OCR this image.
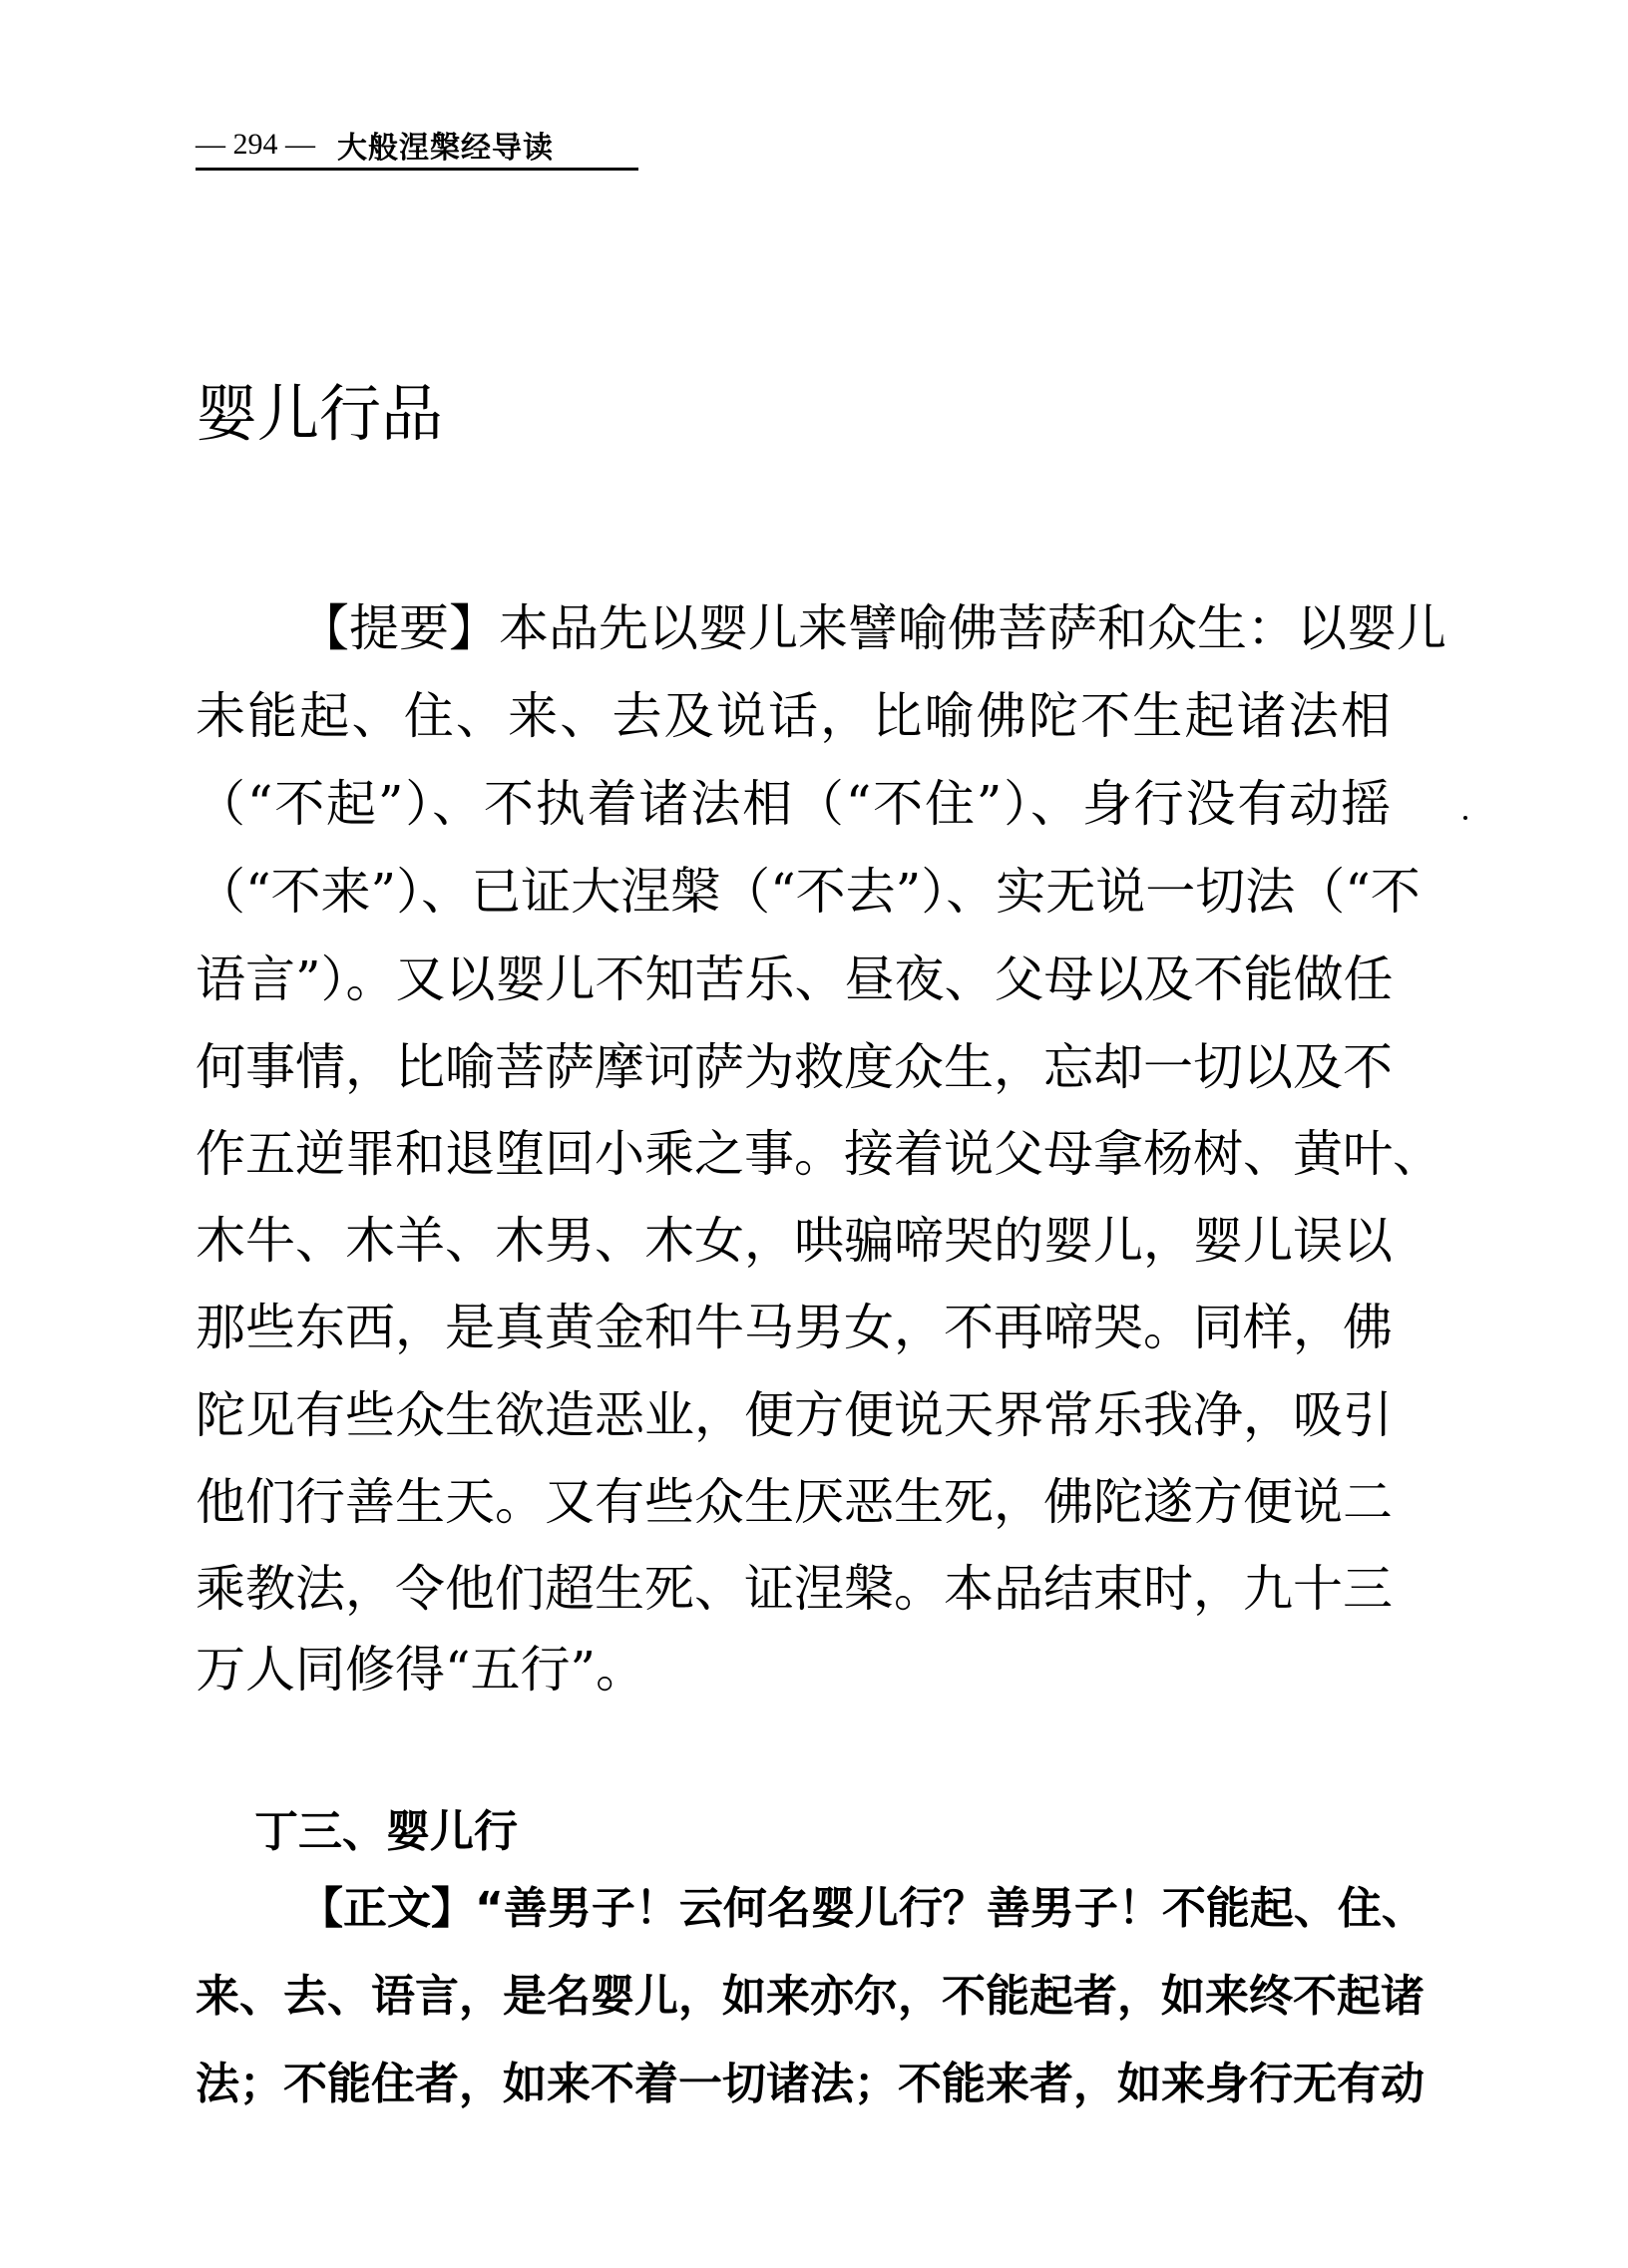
— 294 — 大般涅槃经导读
婴儿行品
【提要】本品先以婴儿来譬喻佛菩萨和众生：以婴儿
未能起、住、来、去及说话，比喻佛陀不生起诸法相
（“不起”）、不执着诸法相（“不住”）、身行没有动摇
（“不来”）、已证大涅槃（“不去”）、实无说一切法（“不
语言”）。又以婴儿不知苦乐、昼夜、父母以及不能做任
何事情，比喻菩萨摩诃萨为救度众生，忘却一切以及不
作五逆罪和退堕回小乘之事。接着说父母拿杨树、黄叶、
木牛、木羊、木男、木女，哄骗啼哭的婴儿，婴儿误以
那些东西，是真黄金和牛马男女，不再啼哭。同样，佛
陀见有些众生欲造恶业，便方便说天界常乐我净，吸引
他们行善生天。又有些众生厌恶生死，佛陀遂方便说二
乘教法，令他们超生死、证涅槃。本品结束时，九十三
万人同修得“五行”。
丁三、婴儿行
【正文】“善男子！云何名婴儿行？善男子！不能起、住、
来、去、语言，是名婴儿，如来亦尔，不能起者，如来终不起诸
法；不能住者，如来不着一切诸法；不能来者，如来身行无有动
